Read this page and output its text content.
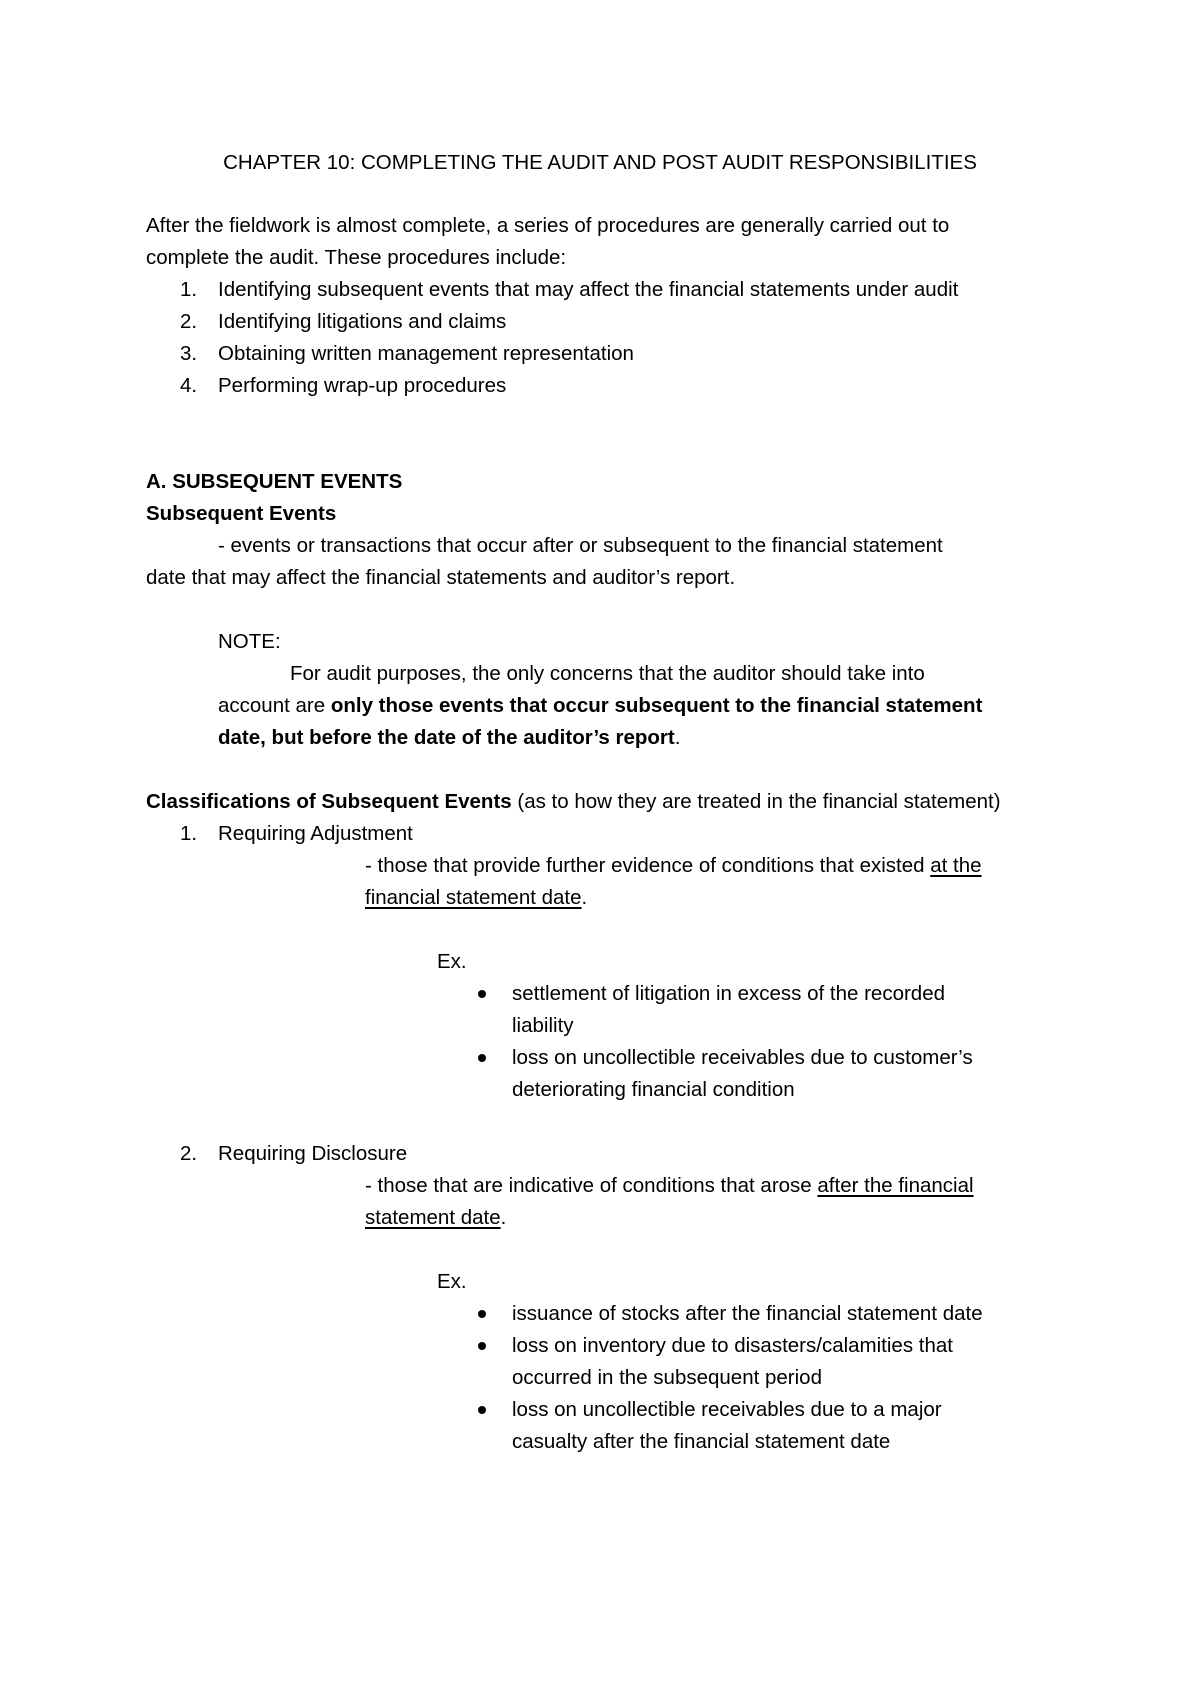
CHAPTER 10: COMPLETING THE AUDIT AND POST AUDIT RESPONSIBILITIES

After the fieldwork is almost complete, a series of procedures are generally carried out to

complete the audit. These procedures include:

1. Identifying subsequent events that may affect the financial statements under audit
2. Identifying litigations and claims
3. Obtaining written management representation
4. Performing wrap-up procedures

A. SUBSEQUENT EVENTS

Subsequent Events

- events or transactions that occur after or subsequent to the financial statement

date that may affect the financial statements and auditor’s report.

NOTE:

For audit purposes, the only concerns that the auditor should take into

account are only those events that occur subsequent to the financial statement

date, but before the date of the auditor’s report.

Classifications of Subsequent Events (as to how they are treated in the financial statement)

1. Requiring Adjustment

- those that provide further evidence of conditions that existed at the

financial statement date.

Ex.

settlement of litigation in excess of the recorded

liability

loss on uncollectible receivables due to customer’s

deteriorating financial condition

2. Requiring Disclosure

- those that are indicative of conditions that arose after the financial

statement date.

Ex.

issuance of stocks after the financial statement date

loss on inventory due to disasters/calamities that

occurred in the subsequent period

loss on uncollectible receivables due to a major

casualty after the financial statement date
